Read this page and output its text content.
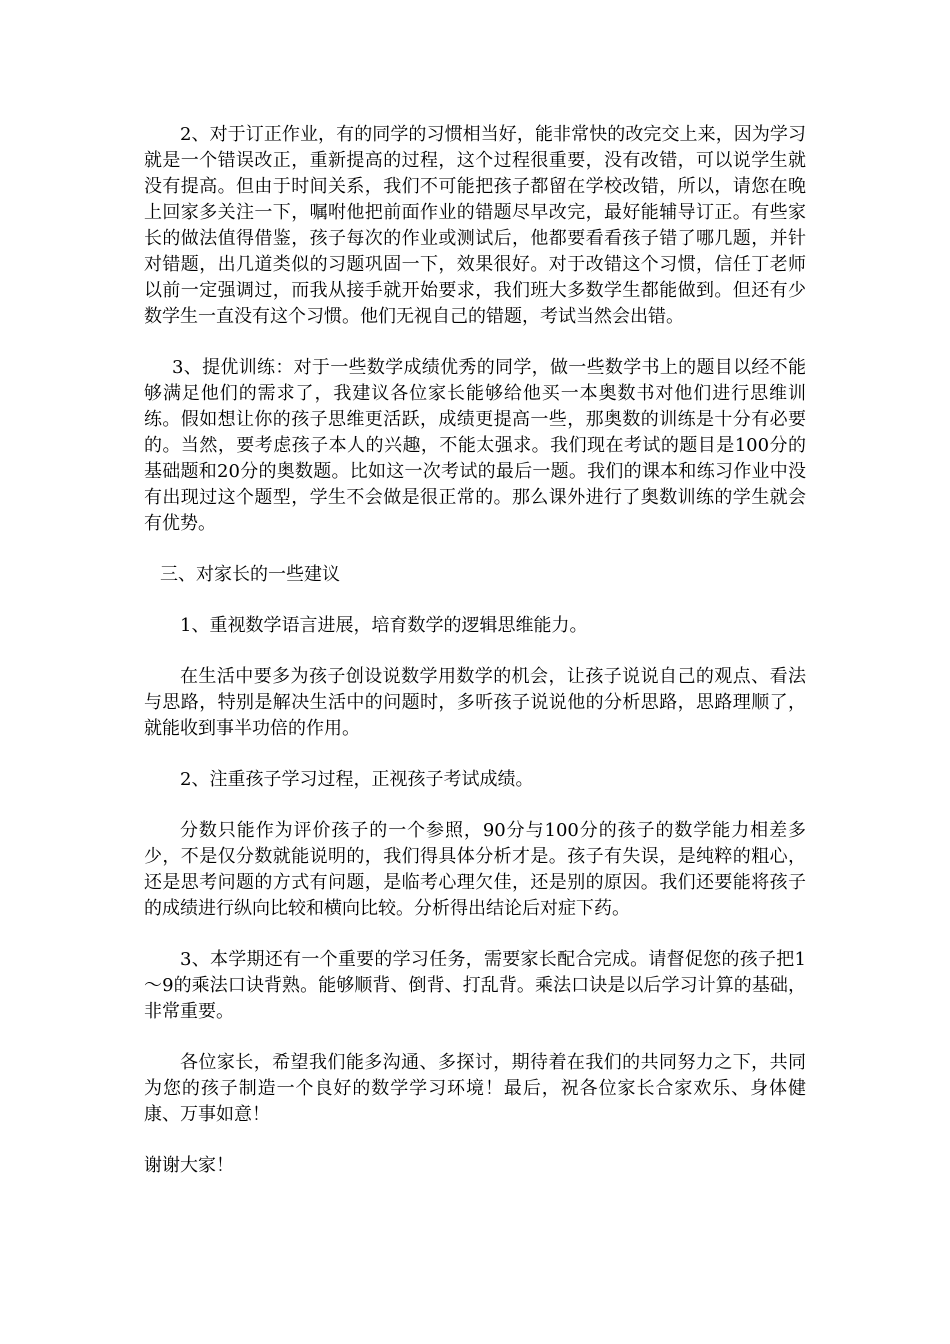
2、对于订正作业，有的同学的习惯相当好，能非常快的改完交上来，因为学习就是一个错误改正，重新提高的过程，这个过程很重要，没有改错，可以说学生就没有提高。但由于时间关系，我们不可能把孩子都留在学校改错，所以，请您在晚上回家多关注一下，嘱咐他把前面作业的错题尽早改完，最好能辅导订正。有些家长的做法值得借鉴，孩子每次的作业或测试后，他都要看看孩子错了哪几题，并针对错题，出几道类似的习题巩固一下，效果很好。对于改错这个习惯，信任丁老师以前一定强调过，而我从接手就开始要求，我们班大多数学生都能做到。但还有少数学生一直没有这个习惯。他们无视自己的错题，考试当然会出错。

3、提优训练：对于一些数学成绩优秀的同学，做一些数学书上的题目以经不能够满足他们的需求了，我建议各位家长能够给他买一本奥数书对他们进行思维训练。假如想让你的孩子思维更活跃，成绩更提高一些，那奥数的训练是十分有必要的。当然，要考虑孩子本人的兴趣，不能太强求。我们现在考试的题目是100分的基础题和20分的奥数题。比如这一次考试的最后一题。我们的课本和练习作业中没有出现过这个题型，学生不会做是很正常的。那么课外进行了奥数训练的学生就会有优势。

三、对家长的一些建议

1、重视数学语言进展，培育数学的逻辑思维能力。

在生活中要多为孩子创设说数学用数学的机会，让孩子说说自己的观点、看法与思路，特别是解决生活中的问题时，多听孩子说说他的分析思路，思路理顺了，就能收到事半功倍的作用。

2、注重孩子学习过程，正视孩子考试成绩。

分数只能作为评价孩子的一个参照，90分与100分的孩子的数学能力相差多少，不是仅分数就能说明的，我们得具体分析才是。孩子有失误，是纯粹的粗心，还是思考问题的方式有问题，是临考心理欠佳，还是别的原因。我们还要能将孩子的成绩进行纵向比较和横向比较。分析得出结论后对症下药。

3、本学期还有一个重要的学习任务，需要家长配合完成。请督促您的孩子把1～9的乘法口诀背熟。能够顺背、倒背、打乱背。乘法口诀是以后学习计算的基础，非常重要。

各位家长，希望我们能多沟通、多探讨，期待着在我们的共同努力之下，共同为您的孩子制造一个良好的数学学习环境！最后，祝各位家长合家欢乐、身体健康、万事如意！

谢谢大家！
